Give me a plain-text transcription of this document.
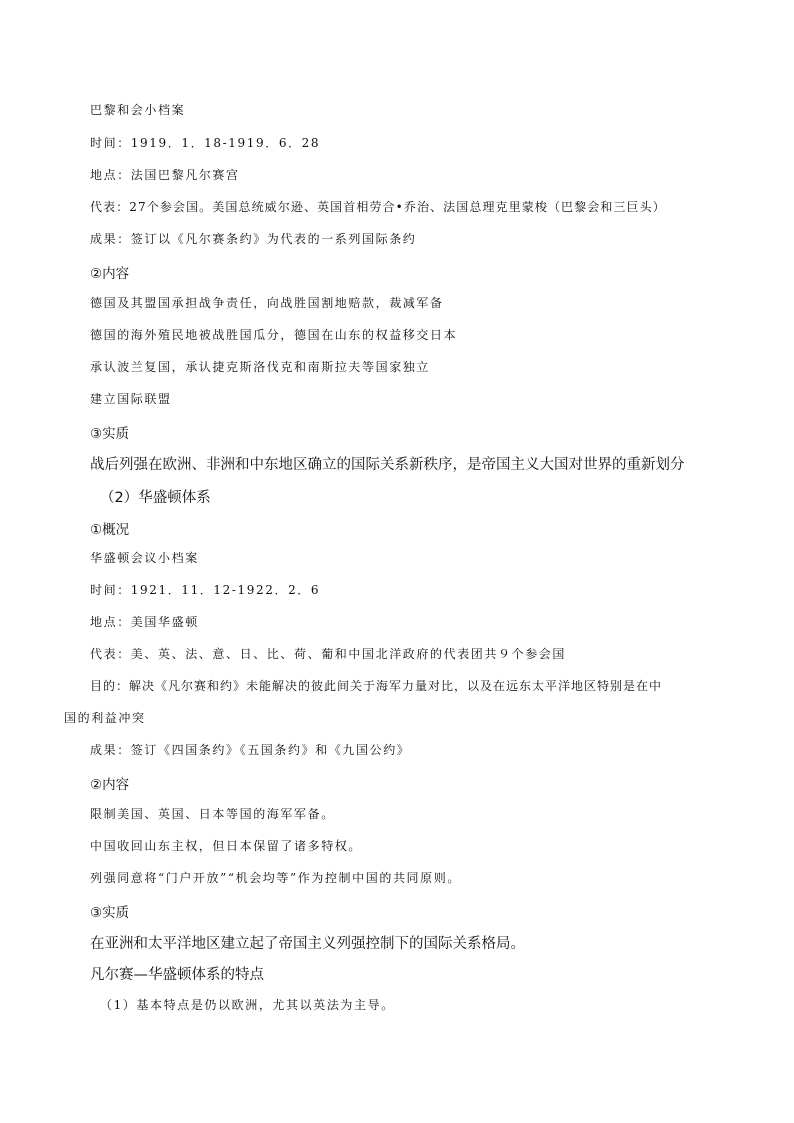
巴黎和会小档案
时间：1919．1．18-1919．6．28
地点：法国巴黎凡尔赛宫
代表：27个参会国。美国总统威尔逊、英国首相劳合•乔治、法国总理克里蒙梭（巴黎会和三巨头）
成果：签订以《凡尔赛条约》为代表的一系列国际条约
②内容
德国及其盟国承担战争责任，向战胜国割地赔款，裁减军备
德国的海外殖民地被战胜国瓜分，德国在山东的权益移交日本
承认波兰复国，承认捷克斯洛伐克和南斯拉夫等国家独立
建立国际联盟
③实质
战后列强在欧洲、非洲和中东地区确立的国际关系新秩序，是帝国主义大国对世界的重新划分
（2）华盛顿体系
①概况
华盛顿会议小档案
时间：1921．11．12-1922．2．6
地点：美国华盛顿
代表：美、英、法、意、日、比、荷、葡和中国北洋政府的代表团共９个参会国
目的：解决《凡尔赛和约》未能解决的彼此间关于海军力量对比，以及在远东太平洋地区特别是在中
国的利益冲突
成果：签订《四国条约》《五国条约》和《九国公约》
②内容
限制美国、英国、日本等国的海军军备。
中国收回山东主权，但日本保留了诸多特权。
列强同意将“门户开放”“机会均等”作为控制中国的共同原则。
③实质
在亚洲和太平洋地区建立起了帝国主义列强控制下的国际关系格局。
凡尔赛—华盛顿体系的特点
（1）基本特点是仍以欧洲，尤其以英法为主导。
